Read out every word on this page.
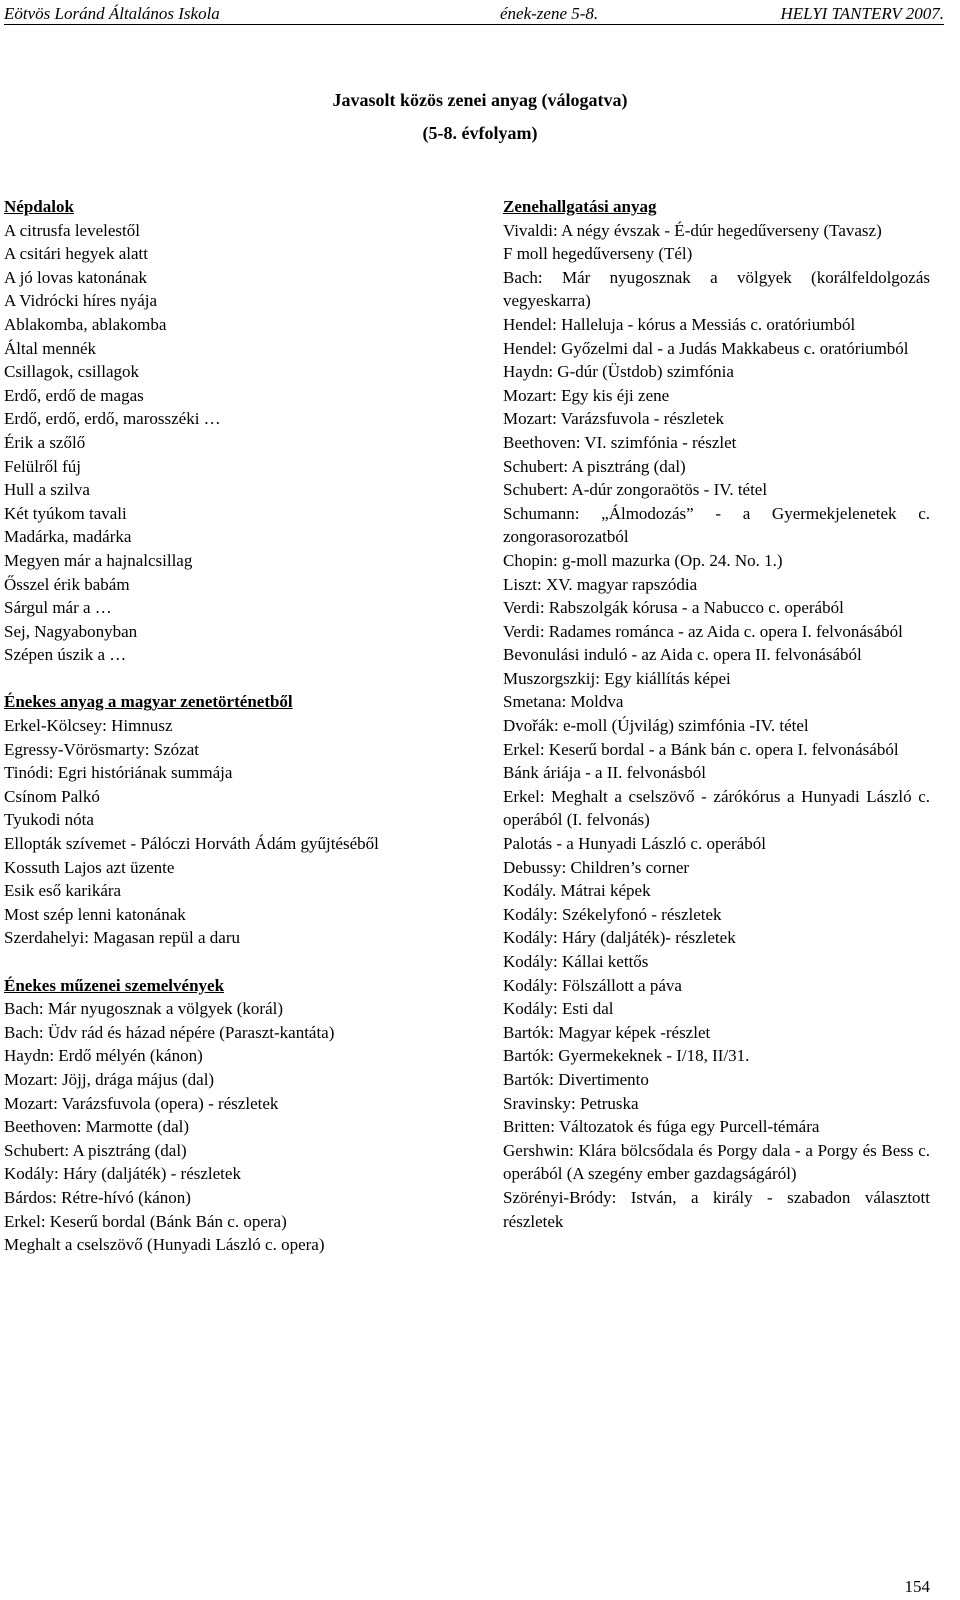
Eötvös Loránd Általános Iskola	ének-zene 5-8.	HELYI TANTERV 2007.
Javasolt közös zenei anyag (válogatva)
(5-8. évfolyam)
Népdalok
A citrusfa levelestől
A csitári hegyek alatt
A jó lovas katonának
A Vidrócki híres nyája
Ablakomba, ablakomba
Által mennék
Csillagok, csillagok
Erdő, erdő de magas
Erdő, erdő, erdő, marosszéki …
Érik a szőlő
Felülről fúj
Hull a szilva
Két tyúkom tavali
Madárka, madárka
Megyen már a hajnalcsillag
Ősszel érik babám
Sárgul már a …
Sej, Nagyabonyban
Szépen úszik a …
Énekes anyag a magyar zenetörténetből
Erkel-Kölcsey: Himnusz
Egressy-Vörösmarty: Szózat
Tinódi: Egri históriának summája
Csínom Palkó
Tyukodi nóta
Ellopták szívemet - Pálóczi Horváth Ádám gyűjtéséből
Kossuth Lajos azt üzente
Esik eső karikára
Most szép lenni katonának
Szerdahelyi: Magasan repül a daru
Énekes műzenei szemelvények
Bach: Már nyugosznak a völgyek (korál)
Bach: Üdv rád és házad népére (Paraszt-kantáta)
Haydn: Erdő mélyén (kánon)
Mozart: Jöjj, drága május (dal)
Mozart: Varázsfuvola (opera) - részletek
Beethoven: Marmotte (dal)
Schubert: A pisztráng (dal)
Kodály: Háry (daljáték) - részletek
Bárdos: Rétre-hívó (kánon)
Erkel: Keserű bordal (Bánk Bán c. opera)
Meghalt a cselszövő (Hunyadi László c. opera)
Zenehallgatási anyag
Vivaldi: A négy évszak - É-dúr hegedűverseny (Tavasz)
F moll hegedűverseny (Tél)
Bach: Már nyugosznak a völgyek (korálfeldolgozás vegyeskarra)
Hendel: Halleluja - kórus a Messiás c. oratóriumból
Hendel: Győzelmi dal - a Judás Makkabeus c. oratóriumból
Haydn: G-dúr (Üstdob) szimfónia
Mozart: Egy kis éji zene
Mozart: Varázsfuvola - részletek
Beethoven: VI. szimfónia - részlet
Schubert: A pisztráng (dal)
Schubert: A-dúr zongoraötös - IV. tétel
Schumann: „Álmodozás” - a Gyermekjelenetek c. zongorasorozatból
Chopin: g-moll mazurka (Op. 24. No. 1.)
Liszt: XV. magyar rapszódia
Verdi: Rabszolgák kórusa - a Nabucco c. operából
Verdi: Radames románca - az Aida c. opera I. felvonásából
Bevonulási induló - az Aida c. opera II. felvonásából
Muszorgszkij: Egy kiállítás képei
Smetana: Moldva
Dvořák: e-moll (Újvilág) szimfónia -IV. tétel
Erkel: Keserű bordal - a Bánk bán c. opera I. felvonásából
Bánk áriája - a II. felvonásból
Erkel: Meghalt a cselszövő - zárókórus a Hunyadi László c. operából (I. felvonás)
Palotás - a Hunyadi László c. operából
Debussy: Children’s corner
Kodály. Mátrai képek
Kodály: Székelyfonó - részletek
Kodály: Háry (daljáték)- részletek
Kodály: Kállai kettős
Kodály: Fölszállott a páva
Kodály: Esti dal
Bartók: Magyar képek -részlet
Bartók: Gyermekeknek - I/18, II/31.
Bartók: Divertimento
Sravinsky: Petruska
Britten: Változatok és fúga egy Purcell-témára
Gershwin: Klára bölcsődala és Porgy dala - a Porgy és Bess c. operából (A szegény ember gazdagságáról)
Szörényi-Bródy: István, a király - szabadon választott részletek
154
